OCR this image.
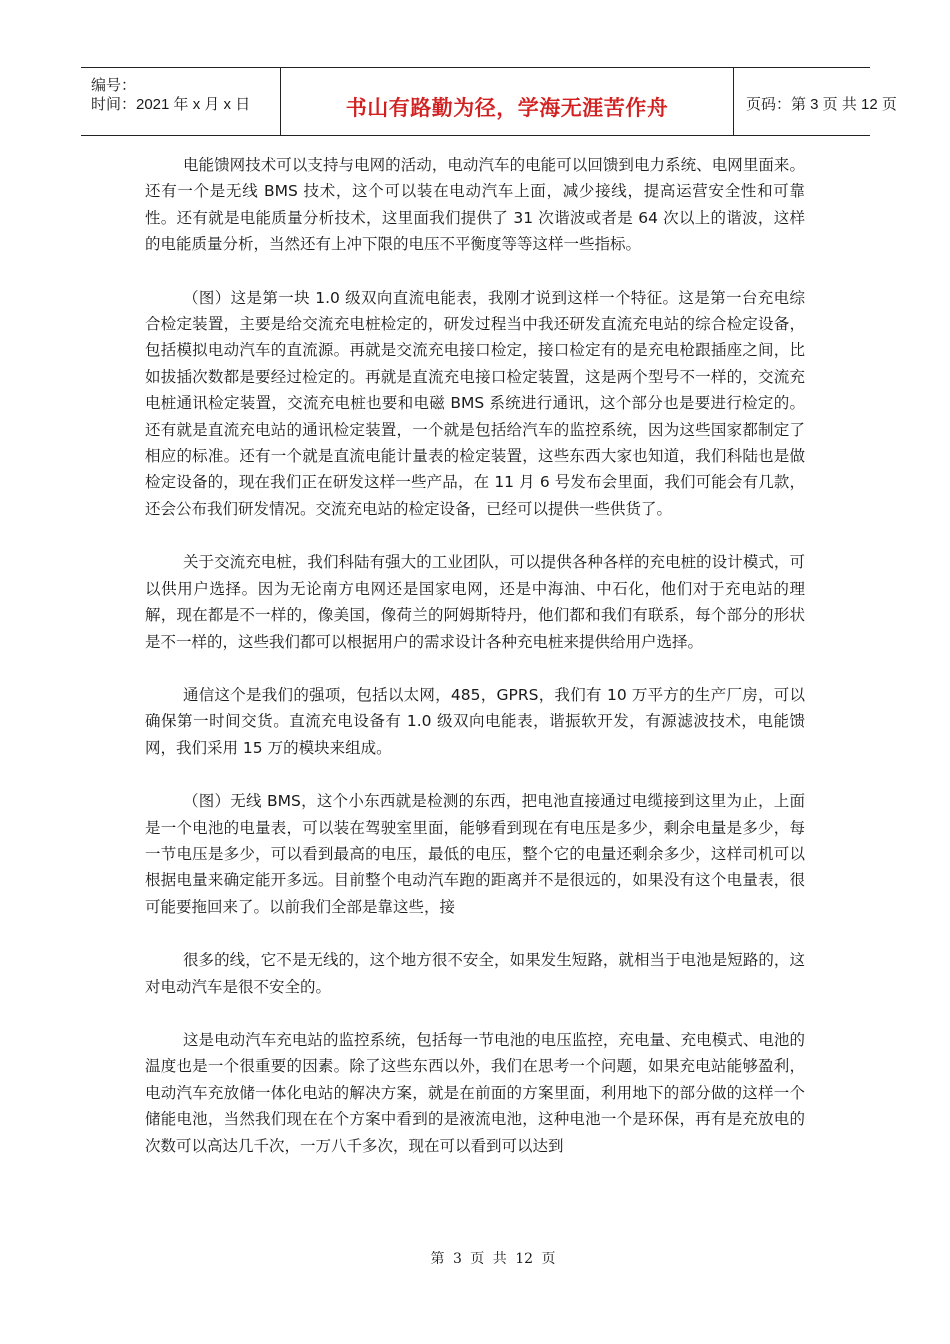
编号：
时间：2021 年 x 月 x 日	书山有路勤为径，学海无涯苦作舟	页码：第 3 页 共 12 页

电能馈网技术可以支持与电网的活动，电动汽车的电能可以回馈到电力系统、电网里面来。还有一个是无线 BMS 技术，这个可以装在电动汽车上面，减少接线，提高运营安全性和可靠性。还有就是电能质量分析技术，这里面我们提供了 31 次谐波或者是 64 次以上的谐波，这样的电能质量分析，当然还有上冲下限的电压不平衡度等等这样一些指标。

（图）这是第一块 1.0 级双向直流电能表，我刚才说到这样一个特征。这是第一台充电综合检定装置，主要是给交流充电桩检定的，研发过程当中我还研发直流充电站的综合检定设备，包括模拟电动汽车的直流源。再就是交流充电接口检定，接口检定有的是充电枪跟插座之间，比如拔插次数都是要经过检定的。再就是直流充电接口检定装置，这是两个型号不一样的，交流充电桩通讯检定装置，交流充电桩也要和电磁 BMS 系统进行通讯，这个部分也是要进行检定的。还有就是直流充电站的通讯检定装置，一个就是包括给汽车的监控系统，因为这些国家都制定了相应的标准。还有一个就是直流电能计量表的检定装置，这些东西大家也知道，我们科陆也是做检定设备的，现在我们正在研发这样一些产品，在 11 月 6 号发布会里面，我们可能会有几款，还会公布我们研发情况。交流充电站的检定设备，已经可以提供一些供货了。

关于交流充电桩，我们科陆有强大的工业团队，可以提供各种各样的充电桩的设计模式，可以供用户选择。因为无论南方电网还是国家电网，还是中海油、中石化，他们对于充电站的理解，现在都是不一样的，像美国，像荷兰的阿姆斯特丹，他们都和我们有联系，每个部分的形状是不一样的，这些我们都可以根据用户的需求设计各种充电桩来提供给用户选择。

通信这个是我们的强项，包括以太网，485，GPRS，我们有 10 万平方的生产厂房，可以确保第一时间交货。直流充电设备有 1.0 级双向电能表，谐振软开发，有源滤波技术，电能馈网，我们采用 15 万的模块来组成。

（图）无线 BMS，这个小东西就是检测的东西，把电池直接通过电缆接到这里为止，上面是一个电池的电量表，可以装在驾驶室里面，能够看到现在有电压是多少，剩余电量是多少，每一节电压是多少，可以看到最高的电压，最低的电压，整个它的电量还剩余多少，这样司机可以根据电量来确定能开多远。目前整个电动汽车跑的距离并不是很远的，如果没有这个电量表，很可能要拖回来了。以前我们全部是靠这些，接

很多的线，它不是无线的，这个地方很不安全，如果发生短路，就相当于电池是短路的，这对电动汽车是很不安全的。

这是电动汽车充电站的监控系统，包括每一节电池的电压监控，充电量、充电模式、电池的温度也是一个很重要的因素。除了这些东西以外，我们在思考一个问题，如果充电站能够盈利，电动汽车充放储一体化电站的解决方案，就是在前面的方案里面，利用地下的部分做的这样一个储能电池，当然我们现在在个方案中看到的是液流电池，这种电池一个是环保，再有是充放电的次数可以高达几千次，一万八千多次，现在可以看到可以达到

第 3 页 共 12 页
